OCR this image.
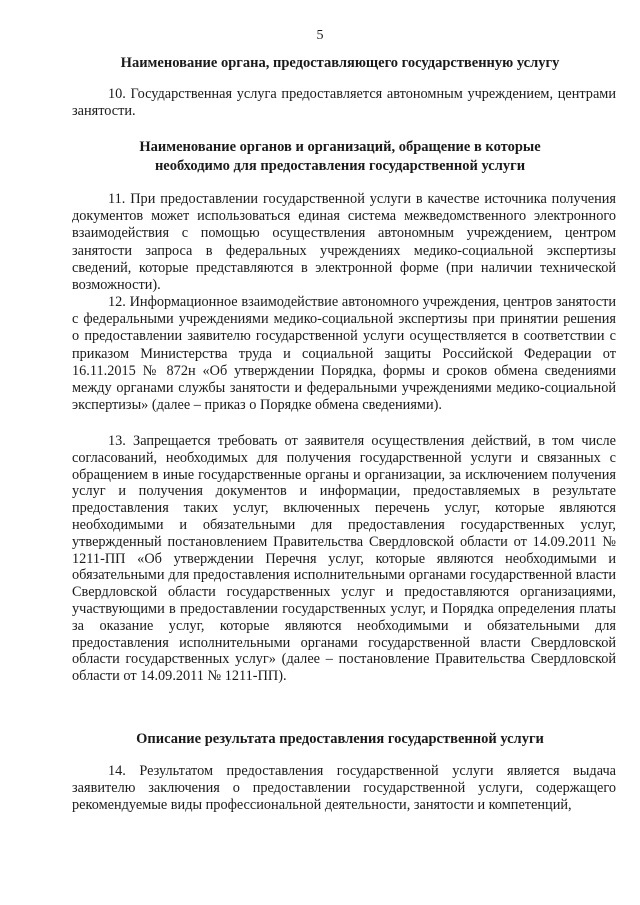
5
Наименование органа, предоставляющего государственную услугу
10. Государственная услуга предоставляется автономным учреждением, центрами занятости.
Наименование органов и организаций, обращение в которые
необходимо для предоставления государственной услуги
11. При предоставлении государственной услуги в качестве источника получения документов может использоваться единая система межведомственного электронного взаимодействия с помощью осуществления автономным учреждением, центром занятости запроса в федеральных учреждениях медико-социальной экспертизы сведений, которые представляются в электронной форме (при наличии технической возможности).
12. Информационное взаимодействие автономного учреждения, центров занятости с федеральными учреждениями медико-социальной экспертизы при принятии решения о предоставлении заявителю государственной услуги осуществляется в соответствии с приказом Министерства труда и социальной защиты Российской Федерации от 16.11.2015 № 872н «Об утверждении Порядка, формы и сроков обмена сведениями между органами службы занятости и федеральными учреждениями медико-социальной экспертизы» (далее – приказ о Порядке обмена сведениями).
13. Запрещается требовать от заявителя осуществления действий, в том числе согласований, необходимых для получения государственной услуги и связанных с обращением в иные государственные органы и организации, за исключением получения услуг и получения документов и информации, предоставляемых в результате предоставления таких услуг, включенных перечень услуг, которые являются необходимыми и обязательными для предоставления государственных услуг, утвержденный постановлением Правительства Свердловской области от 14.09.2011 № 1211-ПП «Об утверждении Перечня услуг, которые являются необходимыми и обязательными для предоставления исполнительными органами государственной власти Свердловской области государственных услуг и предоставляются организациями, участвующими в предоставлении государственных услуг, и Порядка определения платы за оказание услуг, которые являются необходимыми и обязательными для предоставления исполнительными органами государственной власти Свердловской области государственных услуг» (далее – постановление Правительства Свердловской области от 14.09.2011 № 1211-ПП).
Описание результата предоставления государственной услуги
14. Результатом предоставления государственной услуги является выдача заявителю заключения о предоставлении государственной услуги, содержащего рекомендуемые виды профессиональной деятельности, занятости и компетенций,
